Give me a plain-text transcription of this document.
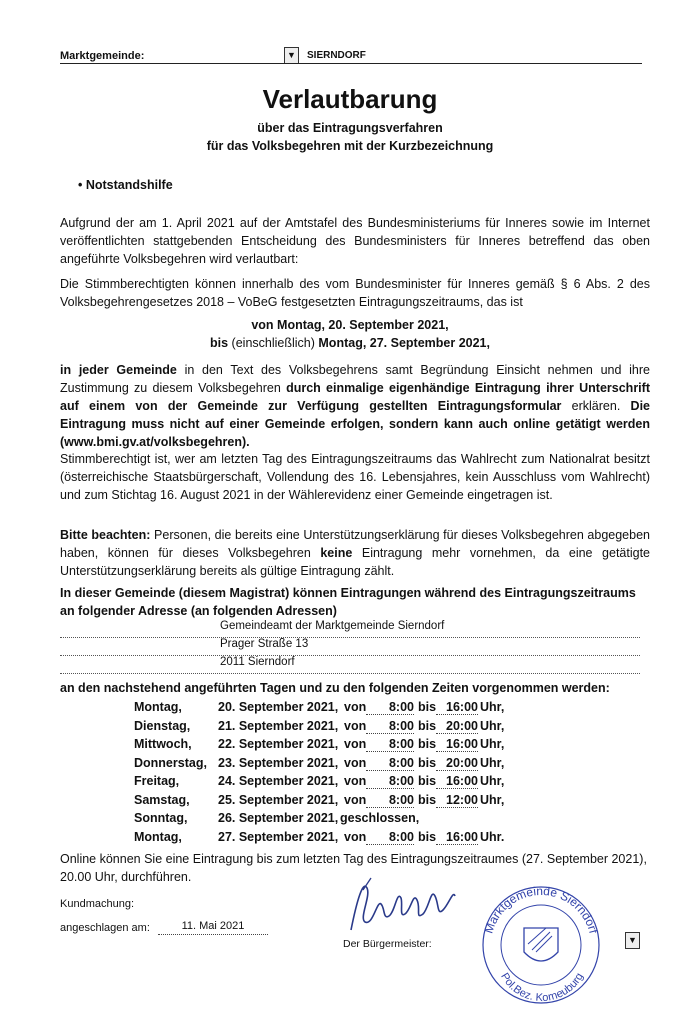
Marktgemeinde:	▼	SIERNDORF
Verlautbarung
über das Eintragungsverfahren
für das Volksbegehren mit der Kurzbezeichnung
• Notstandshilfe
Aufgrund der am 1. April 2021 auf der Amtstafel des Bundesministeriums für Inneres sowie im Internet veröffentlichten stattgebenden Entscheidung des Bundesministers für Inneres betreffend das oben angeführte Volksbegehren wird verlautbart:
Die Stimmberechtigten können innerhalb des vom Bundesminister für Inneres gemäß § 6 Abs. 2 des Volksbegehrengesetzes 2018 – VoBeG festgesetzten Eintragungszeitraums, das ist
von Montag, 20. September 2021,
bis (einschließlich) Montag, 27. September 2021,
in jeder Gemeinde in den Text des Volksbegehrens samt Begründung Einsicht nehmen und ihre Zustimmung zu diesem Volksbegehren durch einmalige eigenhändige Eintragung ihrer Unterschrift auf einem von der Gemeinde zur Verfügung gestellten Eintragungsformular erklären. Die Eintragung muss nicht auf einer Gemeinde erfolgen, sondern kann auch online getätigt werden (www.bmi.gv.at/volksbegehren).
Stimmberechtigt ist, wer am letzten Tag des Eintragungszeitraums das Wahlrecht zum Nationalrat besitzt (österreichische Staatsbürgerschaft, Vollendung des 16. Lebensjahres, kein Ausschluss vom Wahlrecht) und zum Stichtag 16. August 2021 in der Wählerevidenz einer Gemeinde eingetragen ist.
Bitte beachten: Personen, die bereits eine Unterstützungserklärung für dieses Volksbegehren abgegeben haben, können für dieses Volksbegehren keine Eintragung mehr vornehmen, da eine getätigte Unterstützungserklärung bereits als gültige Eintragung zählt.
In dieser Gemeinde (diesem Magistrat) können Eintragungen während des Eintragungszeitraums an folgender Adresse (an folgenden Adressen)
Gemeindeamt der Marktgemeinde Sierndorf
Prager Straße 13
2011 Sierndorf
an den nachstehend angeführten Tagen und zu den folgenden Zeiten vorgenommen werden:
Montag,	20. September 2021, von	8:00 bis 16:00 Uhr,
Dienstag, 21. September 2021, von	8:00 bis 20:00 Uhr,
Mittwoch, 22. September 2021, von	8:00 bis 16:00 Uhr,
Donnerstag, 23. September 2021, von	8:00 bis 20:00 Uhr,
Freitag,	24. September 2021, von	8:00 bis 16:00 Uhr,
Samstag, 25. September 2021, von	8:00 bis 12:00 Uhr,
Sonntag, 26. September 2021, geschlossen,
Montag,	27. September 2021, von	8:00 bis 16:00 Uhr.
Online können Sie eine Eintragung bis zum letzten Tag des Eintragungszeitraumes (27. September 2021), 20.00 Uhr, durchführen.
Kundmachung:
angeschlagen am:	11. Mai 2021
Der Bürgermeister:
Marktgemeinde Sierndorf
Pol.Bez. Korneuburg
▼
